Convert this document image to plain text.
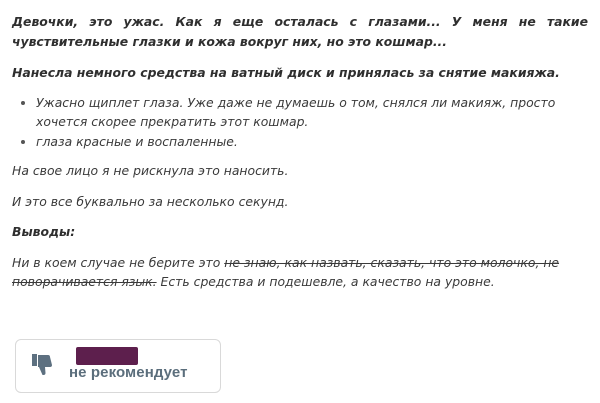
Девочки, это ужас. Как я еще осталась с глазами... У меня не такие чувствительные глазки и кожа вокруг них, но это кошмар...

Нанесла немного средства на ватный диск и принялась за снятие макияжа.

• Ужасно щиплет глаза. Уже даже не думаешь о том, снялся ли макияж, просто хочется скорее прекратить этот кошмар.
• глаза красные и воспаленные.

На свое лицо я не рискнула это наносить.

И это все буквально за несколько секунд.

Выводы:

Ни в коем случае не берите это не знаю, как назвать, сказать, что это молочко, не поворачивается язык. Есть средства и подешевле, а качество на уровне.

не рекомендует
